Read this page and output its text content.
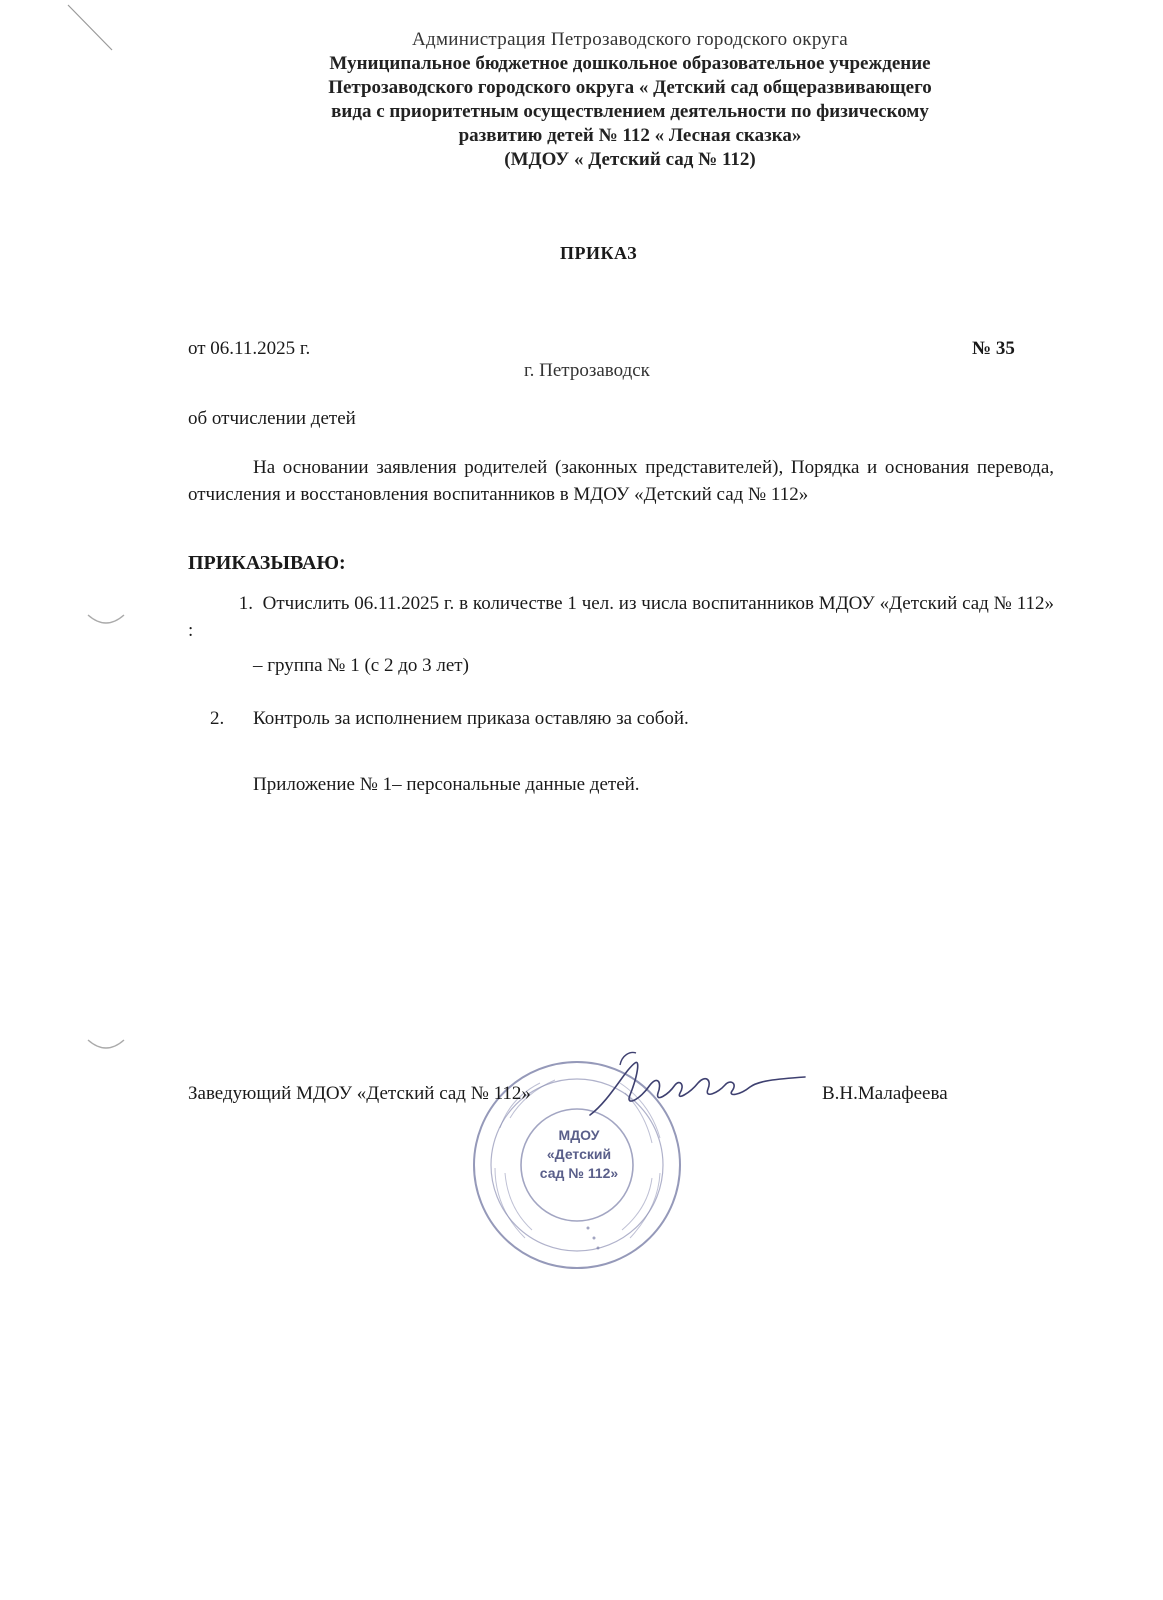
Администрация Петрозаводского городского округа
Муниципальное бюджетное дошкольное образовательное учреждение
Петрозаводского городского округа « Детский сад общеразвивающего
вида с приоритетным осуществлением деятельности по физическому
развитию детей № 112 « Лесная сказка»
(МДОУ « Детский сад № 112)
ПРИКАЗ
от 06.11.2025 г.	№ 35
г. Петрозаводск
об отчислении детей
На основании заявления родителей (законных представителей), Порядка и основания перевода, отчисления и восстановления воспитанников в МДОУ «Детский сад № 112»
ПРИКАЗЫВАЮ:
1. Отчислить 06.11.2025 г. в количестве 1 чел. из числа воспитанников МДОУ «Детский сад № 112» :
– группа № 1 (с 2 до 3 лет)
2. Контроль за исполнением приказа оставляю за собой.
Приложение № 1– персональные данные детей.
МДОУ
«Детский
сад № 112»
Заведующий МДОУ «Детский сад № 112»	В.Н.Малафеева
